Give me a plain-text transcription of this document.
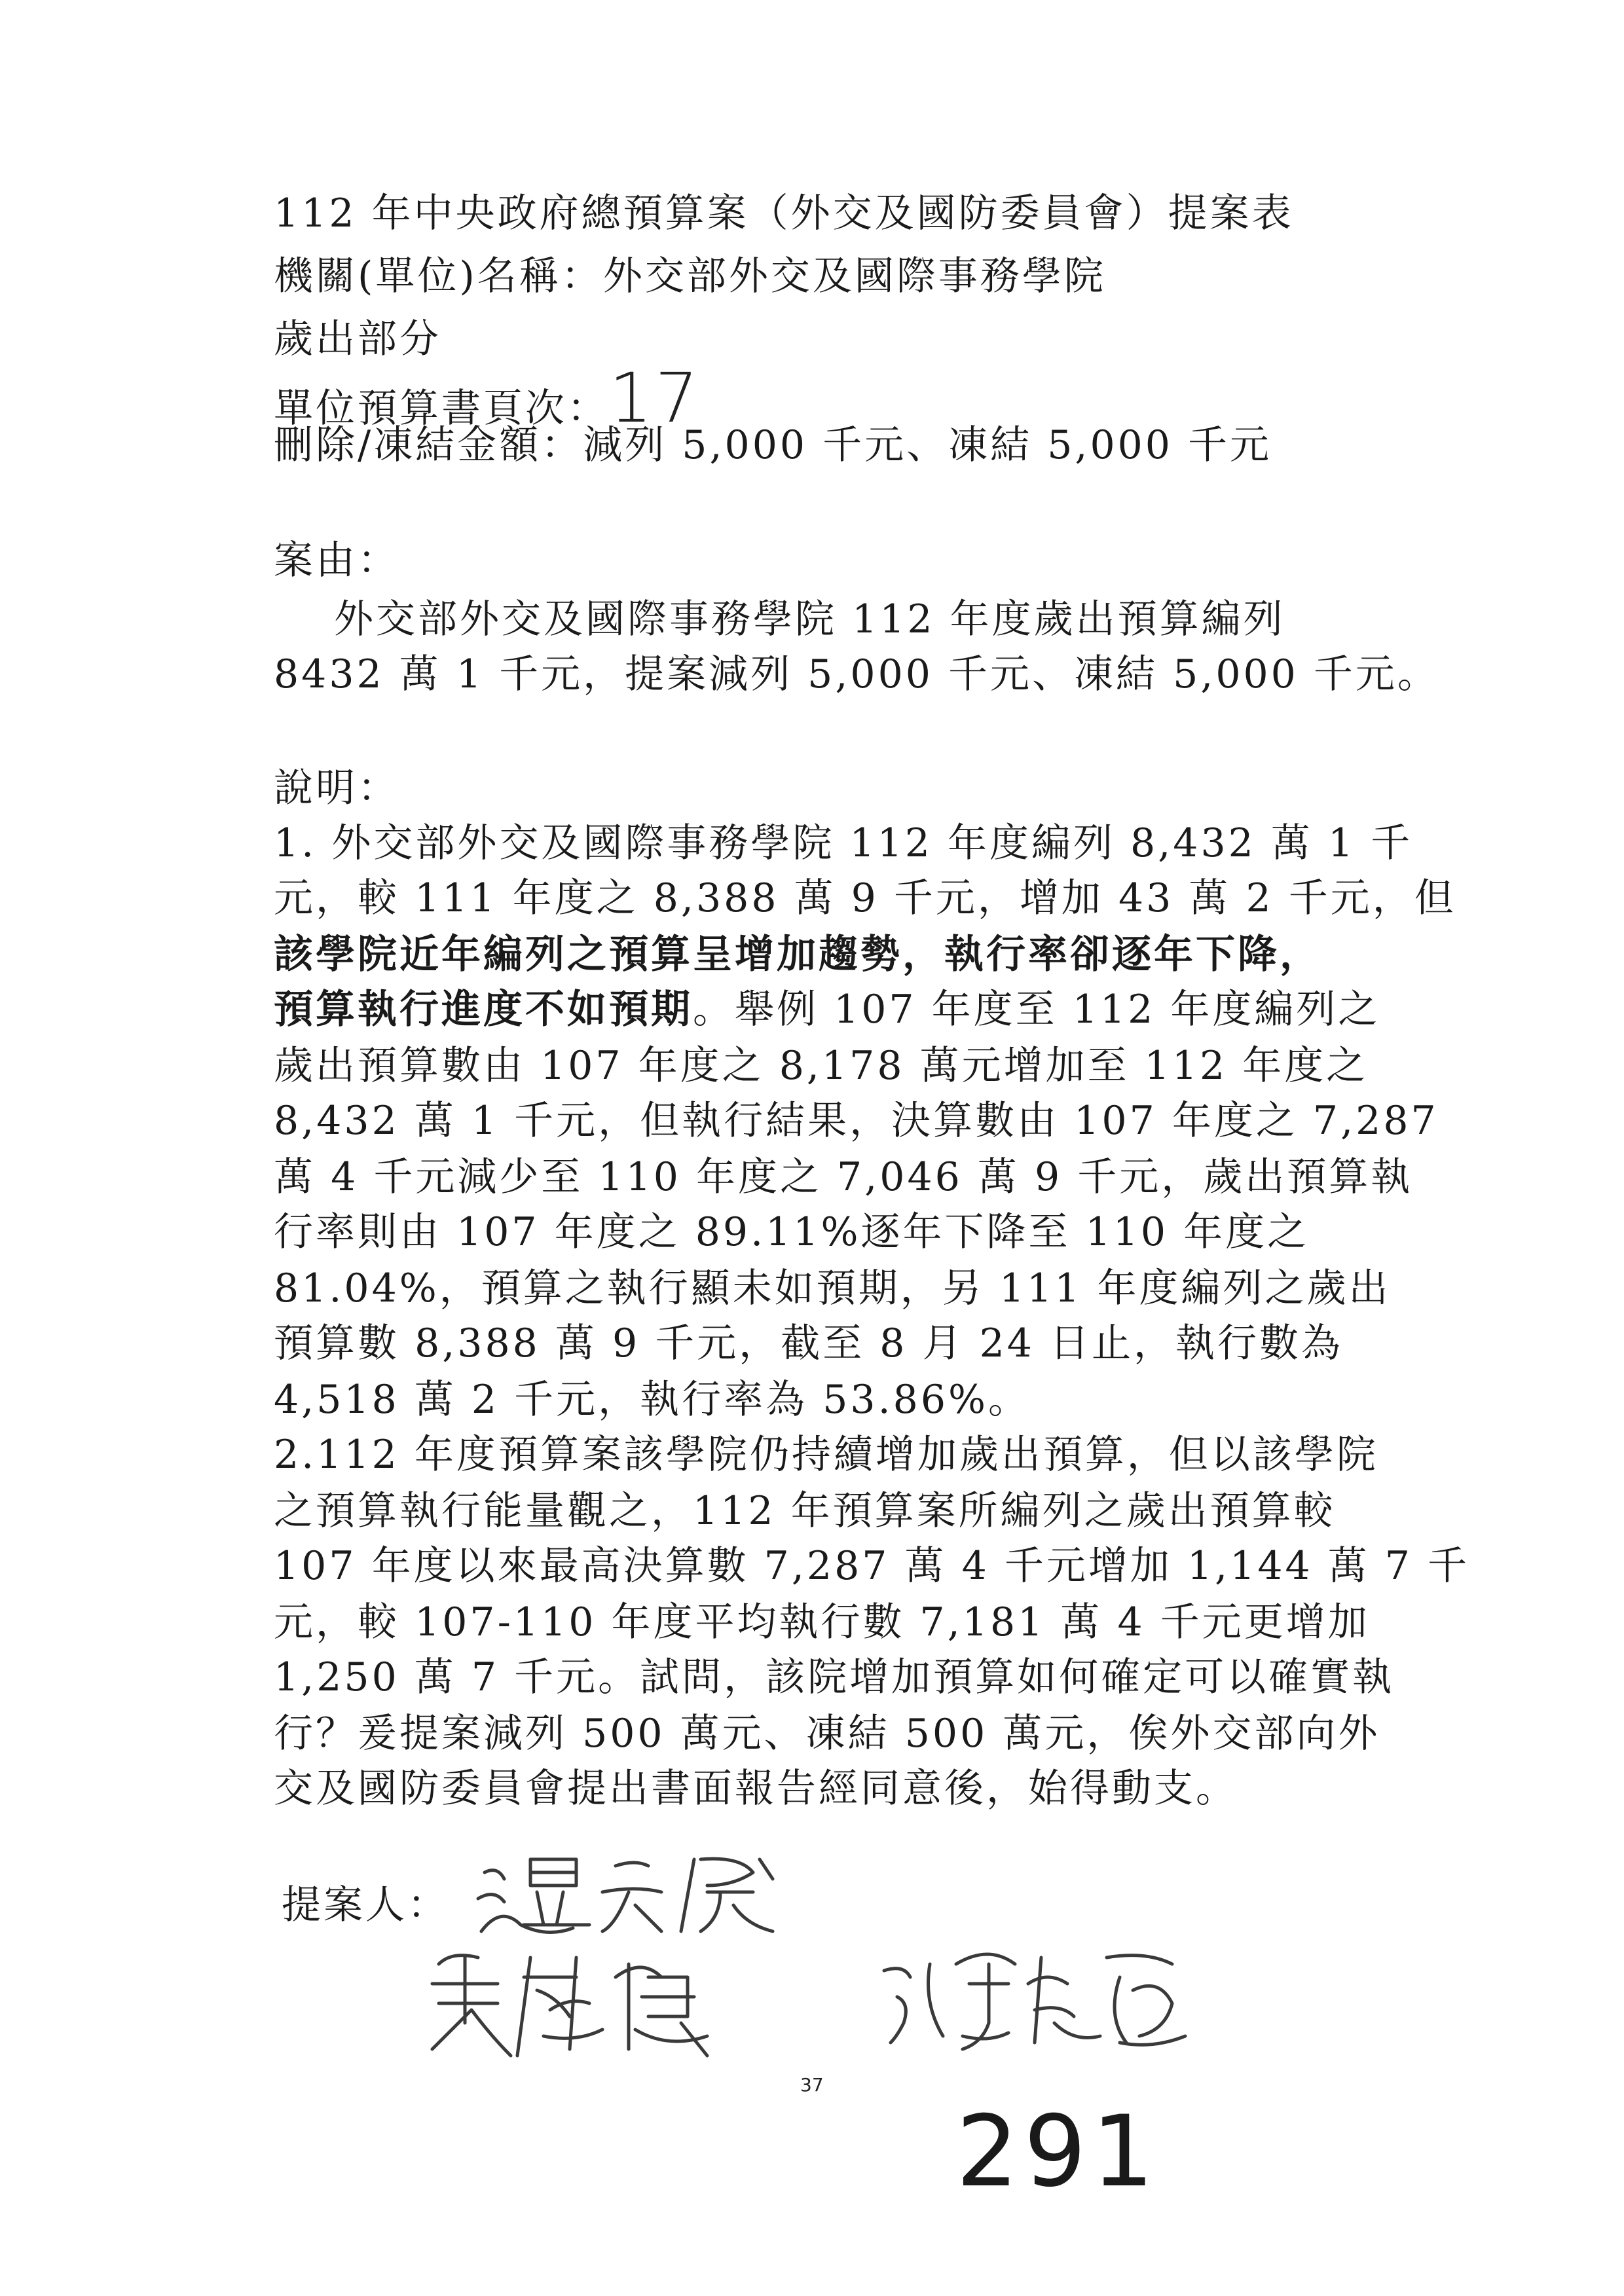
112 年中央政府總預算案（外交及國防委員會）提案表
機關(單位)名稱：外交部外交及國際事務學院
歲出部分
單位預算書頁次：17
刪除/凍結金額：減列 5,000 千元、凍結 5,000 千元
案由：
外交部外交及國際事務學院 112 年度歲出預算編列
8432 萬 1 千元，提案減列 5,000 千元、凍結 5,000 千元。
說明：
1. 外交部外交及國際事務學院 112 年度編列 8,432 萬 1 千
元，較 111 年度之 8,388 萬 9 千元，增加 43 萬 2 千元，但
該學院近年編列之預算呈增加趨勢，執行率卻逐年下降，
預算執行進度不如預期。舉例 107 年度至 112 年度編列之
歲出預算數由 107 年度之 8,178 萬元增加至 112 年度之
8,432 萬 1 千元，但執行結果，決算數由 107 年度之 7,287
萬 4 千元減少至 110 年度之 7,046 萬 9 千元，歲出預算執
行率則由 107 年度之 89.11%逐年下降至 110 年度之
81.04%，預算之執行顯未如預期，另 111 年度編列之歲出
預算數 8,388 萬 9 千元，截至 8 月 24 日止，執行數為
4,518 萬 2 千元，執行率為 53.86%。
2.112 年度預算案該學院仍持續增加歲出預算，但以該學院
之預算執行能量觀之，112 年預算案所編列之歲出預算較
107 年度以來最高決算數 7,287 萬 4 千元增加 1,144 萬 7 千
元，較 107-110 年度平均執行數 7,181 萬 4 千元更增加
1,250 萬 7 千元。試問，該院增加預算如何確定可以確實執
行？爰提案減列 500 萬元、凍結 500 萬元，俟外交部向外
交及國防委員會提出書面報告經同意後，始得動支。
提案人：
37
291
